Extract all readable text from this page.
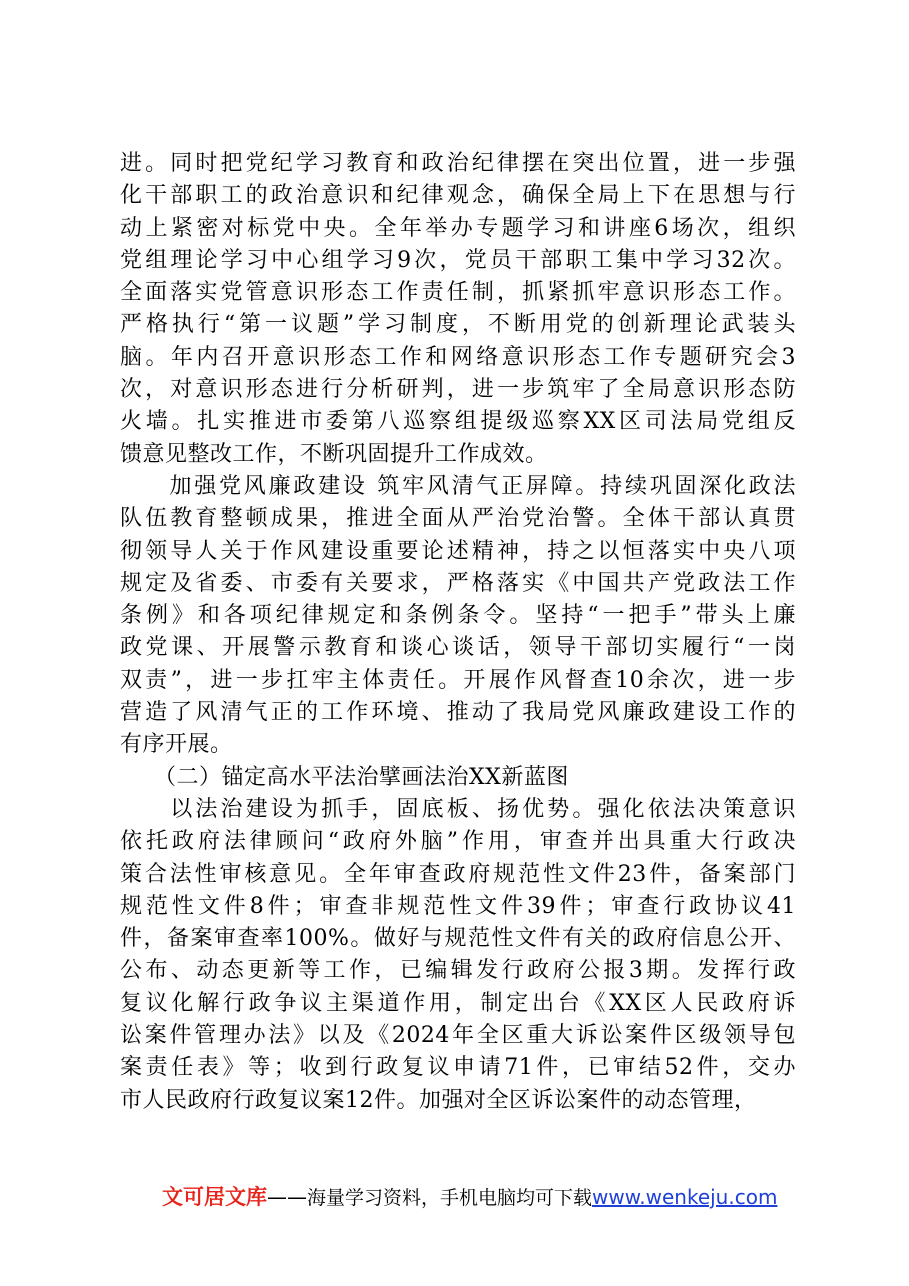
进。同时把党纪学习教育和政治纪律摆在突出位置，进一步强
化干部职工的政治意识和纪律观念，确保全局上下在思想与行
动上紧密对标党中央。全年举办专题学习和讲座6场次，组织
党组理论学习中心组学习9次，党员干部职工集中学习32次。
全面落实党管意识形态工作责任制，抓紧抓牢意识形态工作。
严格执行“第一议题”学习制度，不断用党的创新理论武装头
脑。年内召开意识形态工作和网络意识形态工作专题研究会3
次，对意识形态进行分析研判，进一步筑牢了全局意识形态防
火墙。扎实推进市委第八巡察组提级巡察XX区司法局党组反
馈意见整改工作，不断巩固提升工作成效。
　　加强党风廉政建设 筑牢风清气正屏障。持续巩固深化政法
队伍教育整顿成果，推进全面从严治党治警。全体干部认真贯
彻领导人关于作风建设重要论述精神，持之以恒落实中央八项
规定及省委、市委有关要求，严格落实《中国共产党政法工作
条例》和各项纪律规定和条例条令。坚持“一把手”带头上廉
政党课、开展警示教育和谈心谈话，领导干部切实履行“一岗
双责”，进一步扛牢主体责任。开展作风督查10余次，进一步
营造了风清气正的工作环境、推动了我局党风廉政建设工作的
有序开展。
　　（二）锚定高水平法治擘画法治XX新蓝图
　　以法治建设为抓手，固底板、扬优势。强化依法决策意识
依托政府法律顾问“政府外脑”作用，审查并出具重大行政决
策合法性审核意见。全年审查政府规范性文件23件，备案部门
规范性文件8件；审查非规范性文件39件；审查行政协议41
件，备案审查率100%。做好与规范性文件有关的政府信息公开、
公布、动态更新等工作，已编辑发行政府公报3期。发挥行政
复议化解行政争议主渠道作用，制定出台《XX区人民政府诉
讼案件管理办法》以及《2024年全区重大诉讼案件区级领导包
案责任表》等；收到行政复议申请71件，已审结52件，交办
市人民政府行政复议案12件。加强对全区诉讼案件的动态管理，
文可居文库——海量学习资料，手机电脑均可下载www.wenkeju.com
